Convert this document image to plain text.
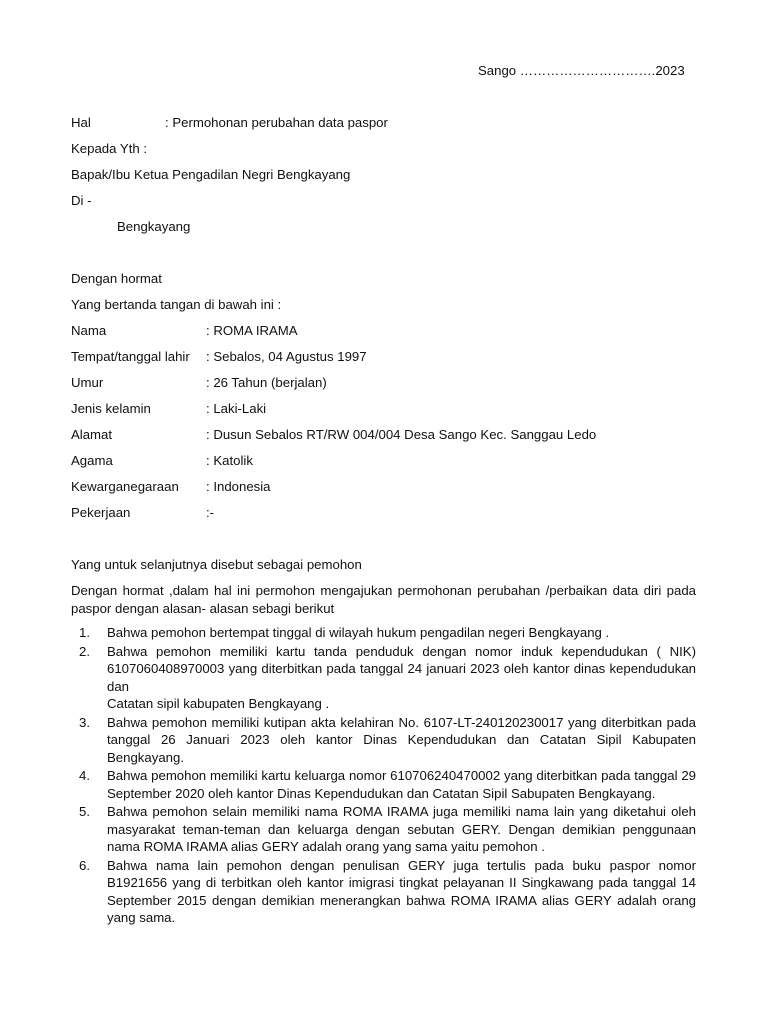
Sango ………………………….2023
Hal	: Permohonan perubahan data paspor
Kepada Yth :
Bapak/Ibu Ketua Pengadilan Negri Bengkayang
Di -
Bengkayang
Dengan hormat
Yang bertanda tangan di bawah ini :
Nama	: ROMA IRAMA
Tempat/tanggal lahir : Sebalos, 04 Agustus 1997
Umur	: 26 Tahun (berjalan)
Jenis kelamin	: Laki-Laki
Alamat	: Dusun Sebalos RT/RW 004/004 Desa Sango Kec. Sanggau Ledo
Agama	: Katolik
Kewarganegaraan : Indonesia
Pekerjaan	:-
Yang untuk selanjutnya disebut sebagai pemohon
Dengan hormat ,dalam hal ini permohon mengajukan permohonan perubahan /perbaikan data diri pada paspor dengan alasan- alasan sebagi berikut
1. Bahwa pemohon bertempat tinggal di wilayah hukum pengadilan negeri Bengkayang .
2. Bahwa pemohon memiliki kartu tanda penduduk dengan nomor induk kependudukan ( NIK) 6107060408970003 yang diterbitkan pada tanggal 24 januari 2023 oleh kantor dinas kependudukan dan
Catatan sipil kabupaten Bengkayang .
3. Bahwa pemohon memiliki kutipan akta kelahiran No. 6107-LT-240120230017 yang diterbitkan pada tanggal 26 Januari 2023 oleh kantor Dinas Kependudukan dan Catatan Sipil Kabupaten Bengkayang.
4. Bahwa pemohon memiliki kartu keluarga nomor 610706240470002 yang diterbitkan pada tanggal 29 September 2020 oleh kantor Dinas Kependudukan dan Catatan Sipil Sabupaten Bengkayang.
5. Bahwa pemohon selain memiliki nama ROMA IRAMA juga memiliki nama lain yang diketahui oleh masyarakat teman-teman dan keluarga dengan sebutan GERY. Dengan demikian penggunaan nama ROMA IRAMA alias GERY adalah orang yang sama yaitu pemohon .
6. Bahwa nama lain pemohon dengan penulisan GERY juga tertulis pada buku paspor nomor B1921656 yang di terbitkan oleh kantor imigrasi tingkat pelayanan II Singkawang pada tanggal 14 September 2015 dengan demikian menerangkan bahwa ROMA IRAMA alias GERY adalah orang yang sama.
